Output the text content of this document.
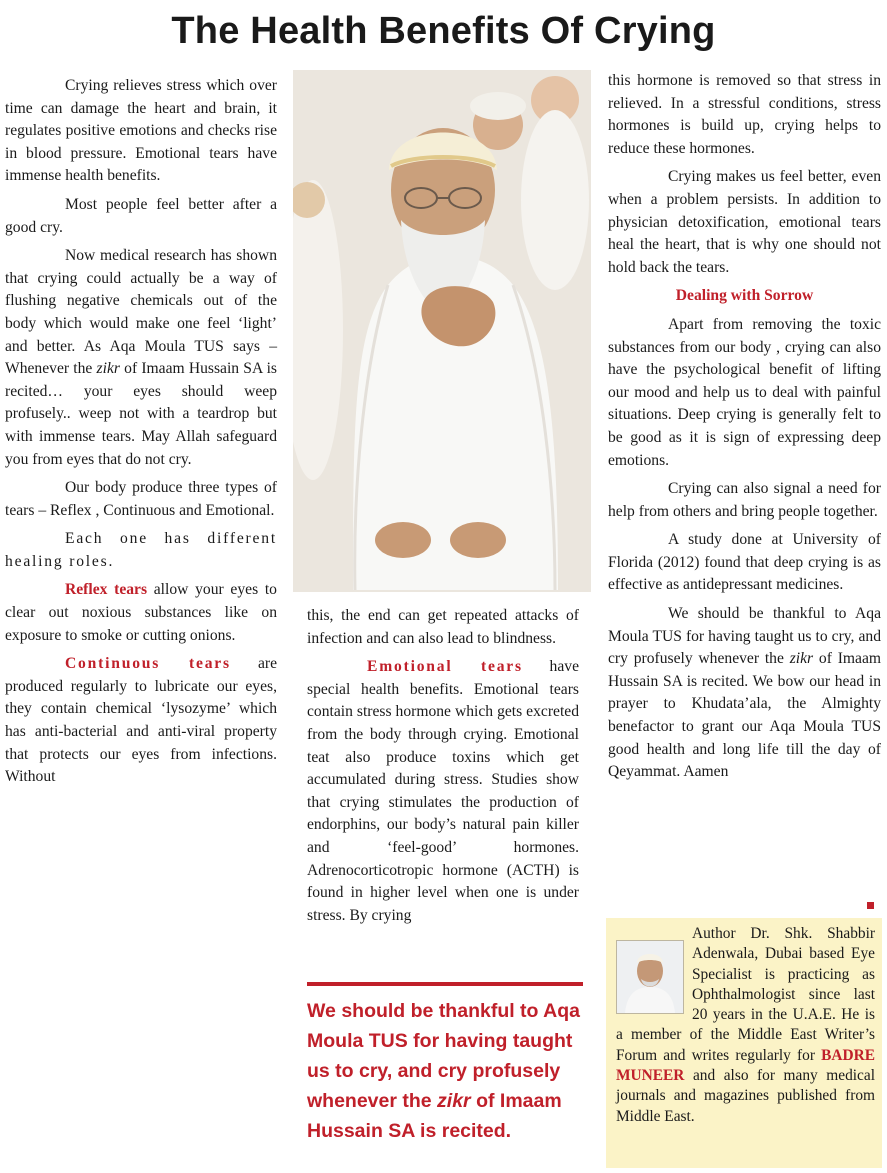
The Health Benefits Of Crying

Crying relieves stress which over time can damage the heart and brain, it regulates positive emotions and checks rise in blood pressure. Emotional tears have immense health benefits.

Most people feel better after a good cry.

Now medical research has shown that crying could actually be a way of flushing negative chemicals out of the body which would make one feel ‘light’ and better. As Aqa Moula TUS says – Whenever the zikr of Imaam Hussain SA is recited… your eyes should weep profusely.. weep not with a teardrop but with immense tears. May Allah safeguard you from eyes that do not cry.

Our body produce three types of tears – Reflex , Continuous and Emotional.

Each one has different healing roles.

Reflex tears allow your eyes to clear out noxious substances like on exposure to smoke or cutting onions.

Continuous tears are produced regularly to lubricate our eyes, they contain chemical ‘lysozyme’ which has anti-bacterial and anti-viral property that protects our eyes from infections. Without

this, the end can get repeated attacks of infection and can also lead to blindness.

Emotional tears have special health benefits. Emotional tears contain stress hormone which gets excreted from the body through crying. Emotional teat also produce toxins which get accumulated during stress. Studies show that crying stimulates the production of endorphins, our body’s natural pain killer and ‘feel-good’ hormones. Adrenocorticotropic hormone (ACTH) is found in higher level when one is under stress. By crying

We should be thankful to Aqa Moula TUS for having taught us to cry, and cry profusely whenever the zikr of Imaam Hussain SA is recited.

this hormone is removed so that stress in relieved. In a stressful conditions, stress hormones is build up, crying helps to reduce these hormones.

Crying makes us feel better, even when a problem persists. In addition to physician detoxification, emotional tears heal the heart, that is why one should not hold back the tears.

Dealing with Sorrow

Apart from removing the toxic substances from our body , crying can also have the psychological benefit of lifting our mood and help us to deal with painful situations. Deep crying is generally felt to be good as it is sign of expressing deep emotions.

Crying can also signal a need for help from others and bring people together.

A study done at University of Florida (2012) found that deep crying is as effective as antidepressant medicines.

We should be thankful to Aqa Moula TUS for having taught us to cry, and cry profusely whenever the zikr of Imaam Hussain SA is recited. We bow our head in prayer to Khudata’ala, the Almighty benefactor to grant our Aqa Moula TUS good health and long life till the day of Qeyammat. Aamen

Author Dr. Shk. Shabbir Adenwala, Dubai based Eye Specialist is practicing as Ophthalmologist since last 20 years in the U.A.E. He is a member of the Middle East Writer’s Forum and writes regularly for BADRE MUNEER and also for many medical journals and magazines published from Middle East.
